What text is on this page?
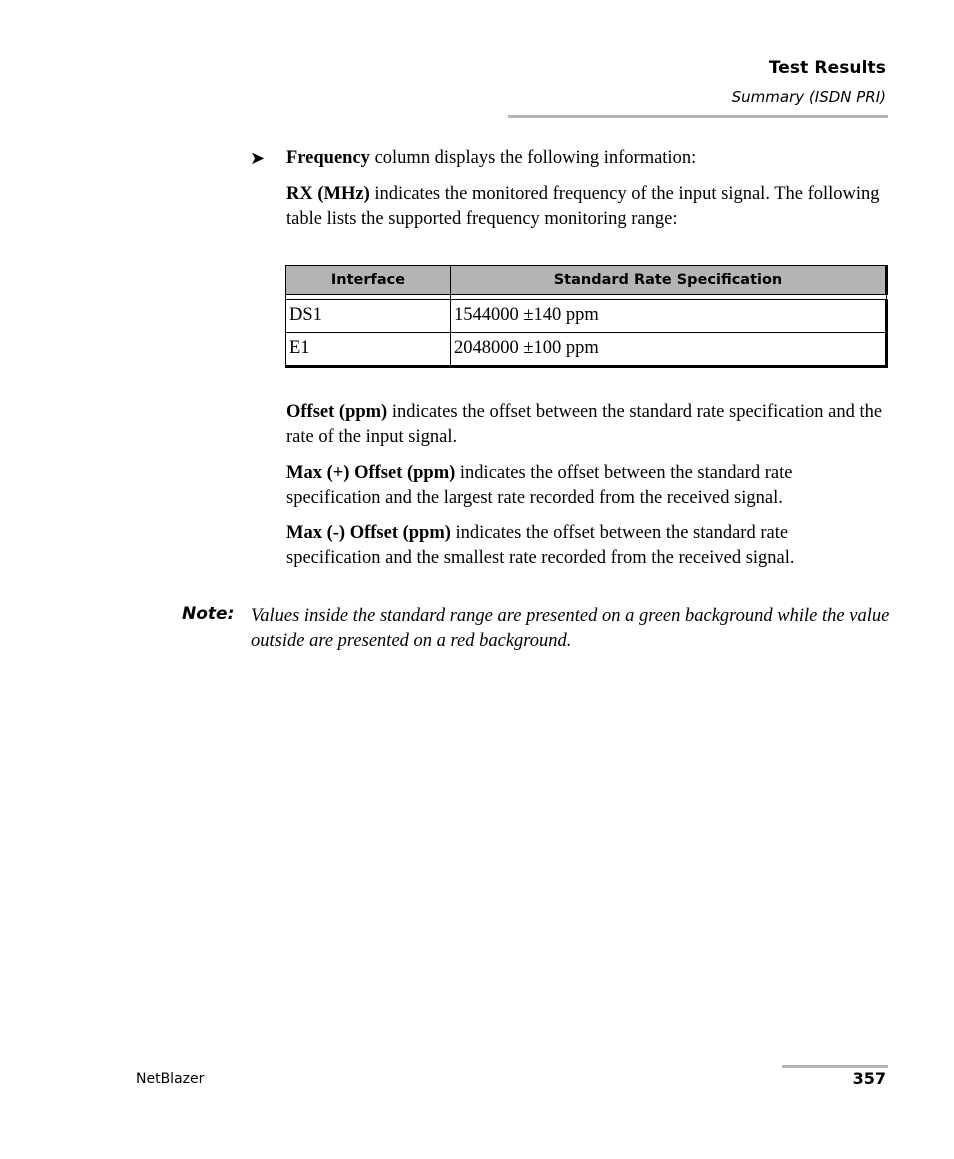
Test Results
Summary (ISDN PRI)
➤ Frequency column displays the following information:
RX (MHz) indicates the monitored frequency of the input signal. The following table lists the supported frequency monitoring range:
Interface	Standard Rate Specification

DS1	1544000 ±140 ppm
E1	2048000 ±100 ppm
Offset (ppm) indicates the offset between the standard rate specification and the rate of the input signal.
Max (+) Offset (ppm) indicates the offset between the standard rate specification and the largest rate recorded from the received signal.
Max (-) Offset (ppm) indicates the offset between the standard rate specification and the smallest rate recorded from the received signal.
Note: Values inside the standard range are presented on a green background while the value outside are presented on a red background.
NetBlazer	357
